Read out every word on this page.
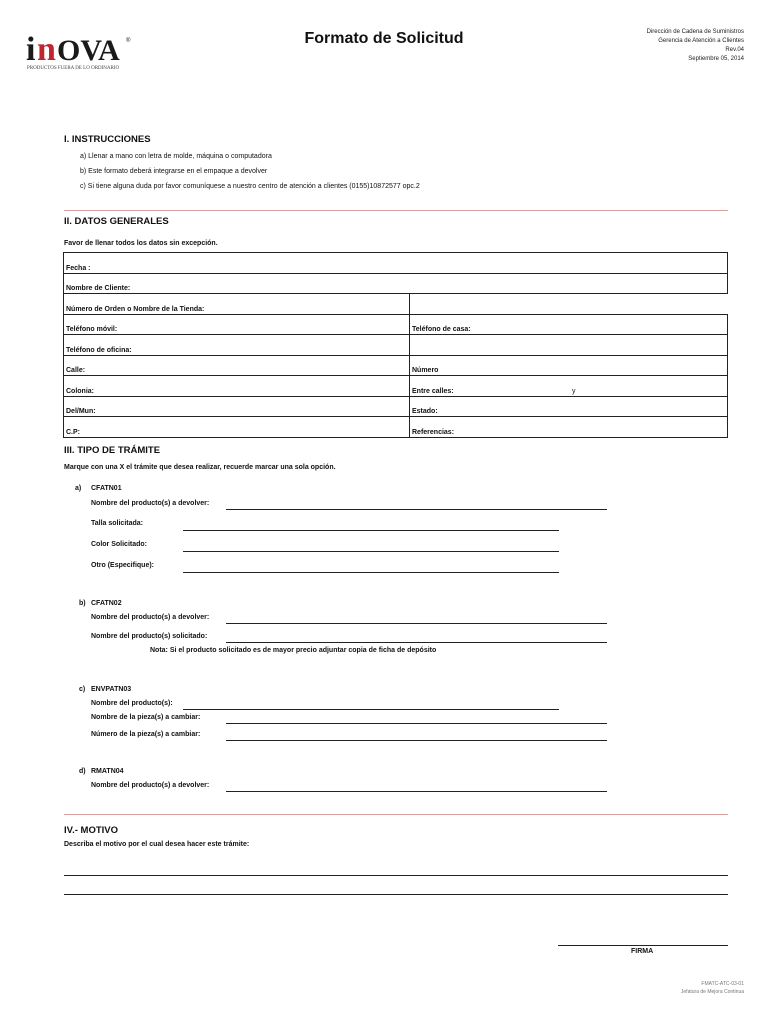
i n OVA ®
PRODUCTOS FUERA DE LO ORDINARIO
Formato de Solicitud	Dirección de Cadena de Suministros
Gerencia de Atención a Clientes
Rev.04
Septiembre 05, 2014
I. INSTRUCCIONES
a) Llenar a mano con letra de molde, máquina o computadora
b) Este formato deberá integrarse en el empaque a devolver
c) Si tiene alguna duda por favor comuníquese a nuestro centro de atención a clientes (0155)10872577 opc.2
II. DATOS GENERALES
Favor de llenar todos los datos sin excepción.
Fecha :	
Nombre de Cliente:	
Número de Orden o Nombre de la Tienda:	
Teléfono móvil:	Teléfono de casa:
Teléfono de oficina:	
Calle:	Número
Colonia:	Entre calles: y

Del/Mun:	Estado:
C.P:	Referencias:
III. TIPO DE TRÁMITE
Marque con una X el trámite que desea realizar, recuerde marcar una sola opción.
a) CFATN01
Nombre del producto(s) a devolver:
Talla solicitada:
Color Solicitado:
Otro (Especifique):
b) CFATN02
Nombre del producto(s) a devolver:
Nombre del producto(s) solicitado:
Nota: Si el producto solicitado es de mayor precio adjuntar copia de ficha de depósito
c) ENVPATN03
Nombre del producto(s):
Nombre de la pieza(s) a cambiar:
Número de la pieza(s) a cambiar:
d) RMATN04
Nombre del producto(s) a devolver:
IV.- MOTIVO
Describa el motivo por el cual desea hacer este trámite:
FIRMA
FMATC-ATC-03-01
Jefatura de Mejora Continua
